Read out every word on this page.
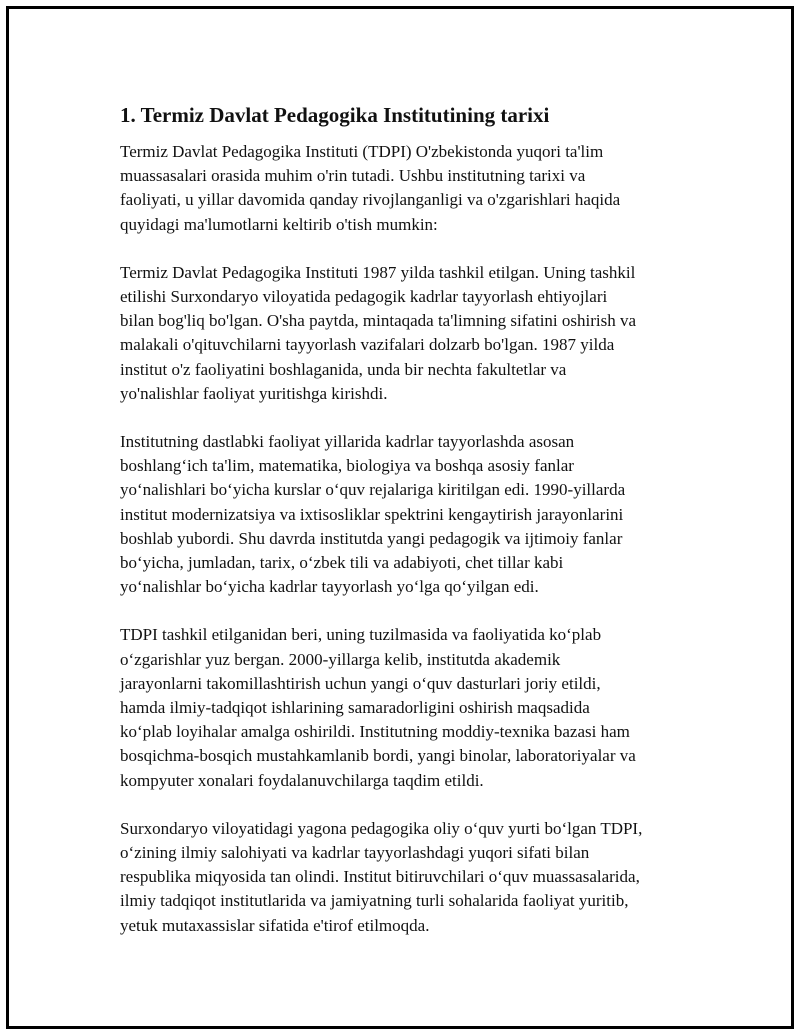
1. Termiz Davlat Pedagogika Institutining tarixi

Termiz Davlat Pedagogika Instituti (TDPI) O'zbekistonda yuqori ta'lim
muassasalari orasida muhim o'rin tutadi. Ushbu institutning tarixi va
faoliyati, u yillar davomida qanday rivojlanganligi va o'zgarishlari haqida
quyidagi ma'lumotlarni keltirib o'tish mumkin:

Termiz Davlat Pedagogika Instituti 1987 yilda tashkil etilgan. Uning tashkil
etilishi Surxondaryo viloyatida pedagogik kadrlar tayyorlash ehtiyojlari
bilan bog'liq bo'lgan. O'sha paytda, mintaqada ta'limning sifatini oshirish va
malakali o'qituvchilarni tayyorlash vazifalari dolzarb bo'lgan. 1987 yilda
institut o'z faoliyatini boshlaganida, unda bir nechta fakultetlar va
yo'nalishlar faoliyat yuritishga kirishdi.

Institutning dastlabki faoliyat yillarida kadrlar tayyorlashda asosan
boshlang‘ich ta'lim, matematika, biologiya va boshqa asosiy fanlar
yo‘nalishlari bo‘yicha kurslar o‘quv rejalariga kiritilgan edi. 1990-yillarda
institut modernizatsiya va ixtisosliklar spektrini kengaytirish jarayonlarini
boshlab yubordi. Shu davrda institutda yangi pedagogik va ijtimoiy fanlar
bo‘yicha, jumladan, tarix, o‘zbek tili va adabiyoti, chet tillar kabi
yo‘nalishlar bo‘yicha kadrlar tayyorlash yo‘lga qo‘yilgan edi.

TDPI tashkil etilganidan beri, uning tuzilmasida va faoliyatida ko‘plab
o‘zgarishlar yuz bergan. 2000-yillarga kelib, institutda akademik
jarayonlarni takomillashtirish uchun yangi o‘quv dasturlari joriy etildi,
hamda ilmiy-tadqiqot ishlarining samaradorligini oshirish maqsadida
ko‘plab loyihalar amalga oshirildi. Institutning moddiy-texnika bazasi ham
bosqichma-bosqich mustahkamlanib bordi, yangi binolar, laboratoriyalar va
kompyuter xonalari foydalanuvchilarga taqdim etildi.

Surxondaryo viloyatidagi yagona pedagogika oliy o‘quv yurti bo‘lgan TDPI,
o‘zining ilmiy salohiyati va kadrlar tayyorlashdagi yuqori sifati bilan
respublika miqyosida tan olindi. Institut bitiruvchilari o‘quv muassasalarida,
ilmiy tadqiqot institutlarida va jamiyatning turli sohalarida faoliyat yuritib,
yetuk mutaxassislar sifatida e'tirof etilmoqda.
